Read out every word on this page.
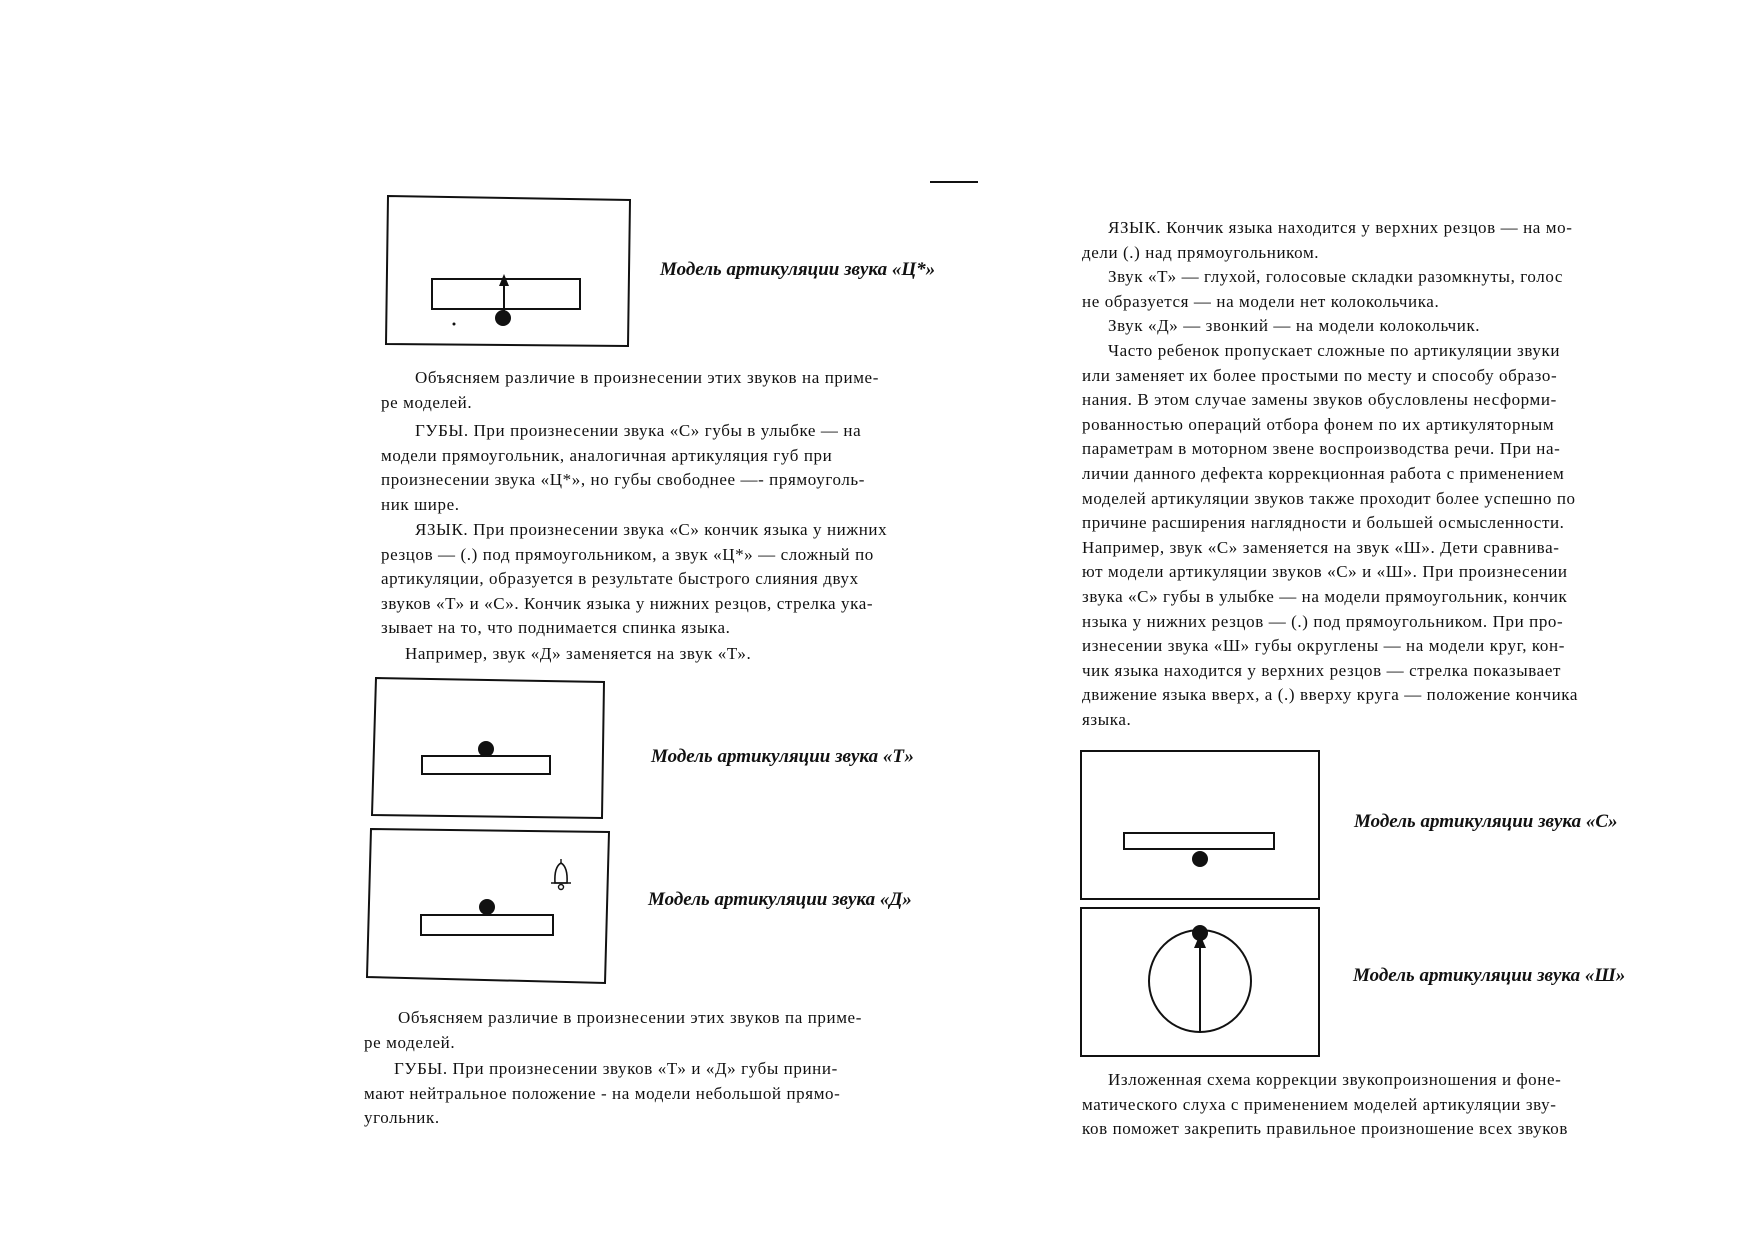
Модель артикуляции звука «Ц*»
Объясняем различие в произнесении этих звуков на приме-
ре моделей.
ГУБЫ. При произнесении звука «С» губы в улыбке — на
модели прямоугольник, аналогичная артикуляция губ при
произнесении звука «Ц*», но губы свободнее —- прямоуголь-
ник шире.
ЯЗЫК. При произнесении звука «С» кончик языка у нижних
резцов — (.) под прямоугольником, а звук «Ц*» — сложный по
артикуляции, образуется в результате быстрого слияния двух
звуков «Т» и «С». Кончик языка у нижних резцов, стрелка ука-
зывает на то, что поднимается спинка языка.
Например, звук «Д» заменяется на звук «Т».
Модель артикуляции звука «Т»
Модель артикуляции звука «Д»
Объясняем различие в произнесении этих звуков па приме-
ре моделей.
ГУБЫ. При произнесении звуков «Т» и «Д» губы прини-
мают нейтральное положение - на модели небольшой прямо-
угольник.
ЯЗЫК. Кончик языка находится у верхних резцов — на мо-
дели (.) над прямоугольником.
Звук «Т» — глухой, голосовые складки разомкнуты, голос
не образуется — на модели нет колокольчика.
Звук «Д» — звонкий — на модели колокольчик.
Часто ребенок пропускает сложные по артикуляции звуки
или заменяет их более простыми по месту и способу образо-
нания. В этом случае замены звуков обусловлены несформи-
рованностью операций отбора фонем по их артикуляторным
параметрам в моторном звене воспроизводства речи. При на-
личии данного дефекта коррекционная работа с применением
моделей артикуляции звуков также проходит более успешно по
причине расширения наглядности и большей осмысленности.
Например, звук «С» заменяется на звук «Ш». Дети сравнива-
ют модели артикуляции звуков «С» и «Ш». При произнесении
звука «С» губы в улыбке — на модели прямоугольник, кончик
нзыка у нижних резцов — (.) под прямоугольником. При про-
изнесении звука «Ш» губы округлены — на модели круг, кон-
чик языка находится у верхних резцов — стрелка показывает
движение языка вверх, а (.) вверху круга — положение кончика
языка.
Модель артикуляции звука «С»
Модель артикуляции звука «Ш»
Изложенная схема коррекции звукопроизношения и фоне-
матического слуха с применением моделей артикуляции зву-
ков поможет закрепить правильное произношение всех звуков
